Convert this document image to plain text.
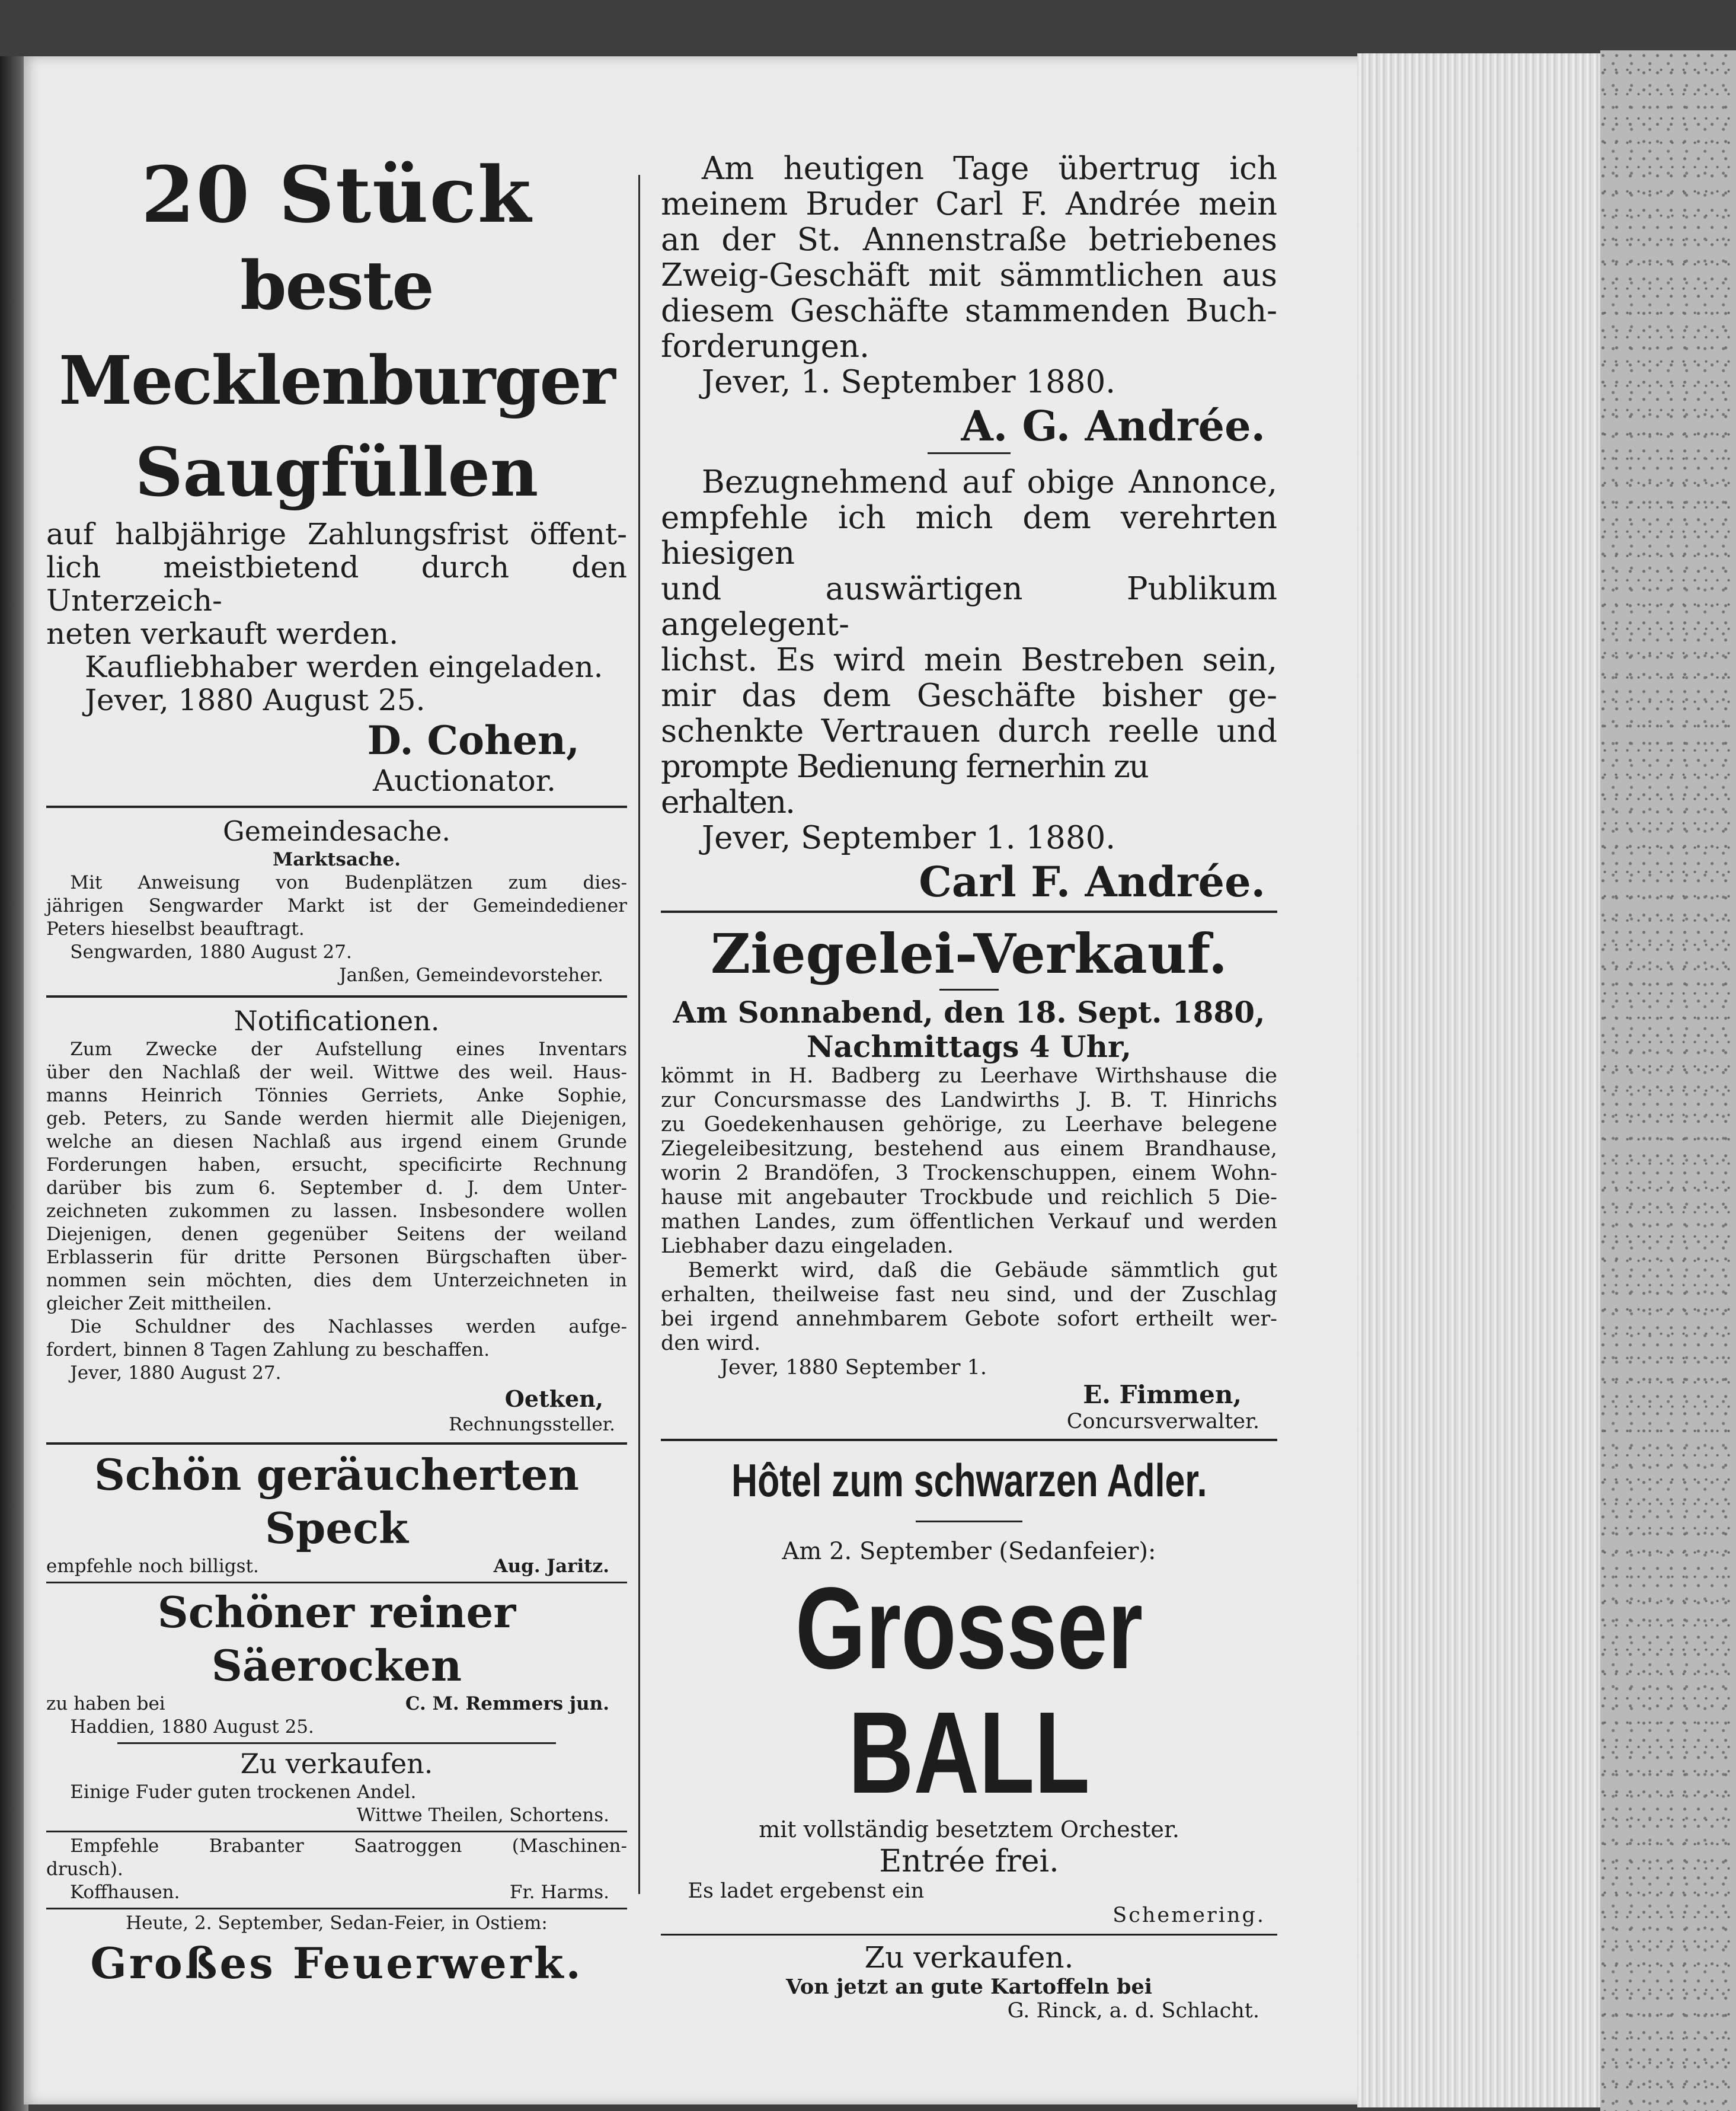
20 Stück
beste Mecklenburger
Saugfüllen

auf halbjährige Zahlungsfrist öffent-

lich meistbietend durch den Unterzeich-

neten verkauft werden.

Kaufliebhaber werden eingeladen.

Jever, 1880 August 25.

D. Cohen,

Auctionator.

Gemeindesache.
Marktsache.

Mit Anweisung von Budenplätzen zum dies-

jährigen Sengwarder Markt ist der Gemeindediener

Peters hieselbst beauftragt.

Sengwarden, 1880 August 27.

Janßen, Gemeindevorsteher.

Notificationen.

Zum Zwecke der Aufstellung eines Inventars

über den Nachlaß der weil. Wittwe des weil. Haus-

manns Heinrich Tönnies Gerriets, Anke Sophie,

geb. Peters, zu Sande werden hiermit alle Diejenigen,

welche an diesen Nachlaß aus irgend einem Grunde

Forderungen haben, ersucht, specificirte Rechnung

darüber bis zum 6. September d. J. dem Unter-

zeichneten zukommen zu lassen. Insbesondere wollen

Diejenigen, denen gegenüber Seitens der weiland

Erblasserin für dritte Personen Bürgschaften über-

nommen sein möchten, dies dem Unterzeichneten in

gleicher Zeit mittheilen.

Die Schuldner des Nachlasses werden aufge-

fordert, binnen 8 Tagen Zahlung zu beschaffen.

Jever, 1880 August 27.

Oetken,

Rechnungssteller.

Schön geräucherten Speck
empfehle noch billigst.	Aug. Jaritz.
Schöner reiner Säerocken
zu haben bei	C. M. Remmers jun.

Haddien, 1880 August 25.

Zu verkaufen.

Einige Fuder guten trockenen Andel.

Wittwe Theilen, Schortens.

Empfehle Brabanter Saatroggen (Maschinen-

drusch).

Koffhausen.	Fr. Harms.

Heute, 2. September, Sedan-Feier, in Ostiem:

Großes Feuerwerk.

Am heutigen Tage übertrug ich

meinem Bruder Carl F. Andrée mein

an der St. Annenstraße betriebenes

Zweig-Geschäft mit sämmtlichen aus

diesem Geschäfte stammenden Buch-

forderungen.

Jever, 1. September 1880.

A. G. Andrée.

Bezugnehmend auf obige Annonce,

empfehle ich mich dem verehrten hiesigen

und auswärtigen Publikum angelegent-

lichst. Es wird mein Bestreben sein,

mir das dem Geschäfte bisher ge-

schenkte Vertrauen durch reelle und

prompte Bedienung fernerhin zu erhalten.

Jever, September 1. 1880.

Carl F. Andrée.

Ziegelei-Verkauf.
Am Sonnabend, den 18. Sept. 1880,
Nachmittags 4 Uhr,

kömmt in H. Badberg zu Leerhave Wirthshause die

zur Concursmasse des Landwirths J. B. T. Hinrichs

zu Goedekenhausen gehörige, zu Leerhave belegene

Ziegeleibesitzung, bestehend aus einem Brandhause,

worin 2 Brandöfen, 3 Trockenschuppen, einem Wohn-

hause mit angebauter Trockbude und reichlich 5 Die-

mathen Landes, zum öffentlichen Verkauf und werden

Liebhaber dazu eingeladen.

Bemerkt wird, daß die Gebäude sämmtlich gut

erhalten, theilweise fast neu sind, und der Zuschlag

bei irgend annehmbarem Gebote sofort ertheilt wer-

den wird.

Jever, 1880 September 1.

E. Fimmen,

Concursverwalter.

Hôtel zum schwarzen Adler.

Am 2. September (Sedanfeier):

Grosser BALL

mit vollständig besetztem Orchester.

Entrée frei.

Es ladet ergebenst ein

Schemering.

Zu verkaufen.

Von jetzt an gute Kartoffeln bei

G. Rinck, a. d. Schlacht.
